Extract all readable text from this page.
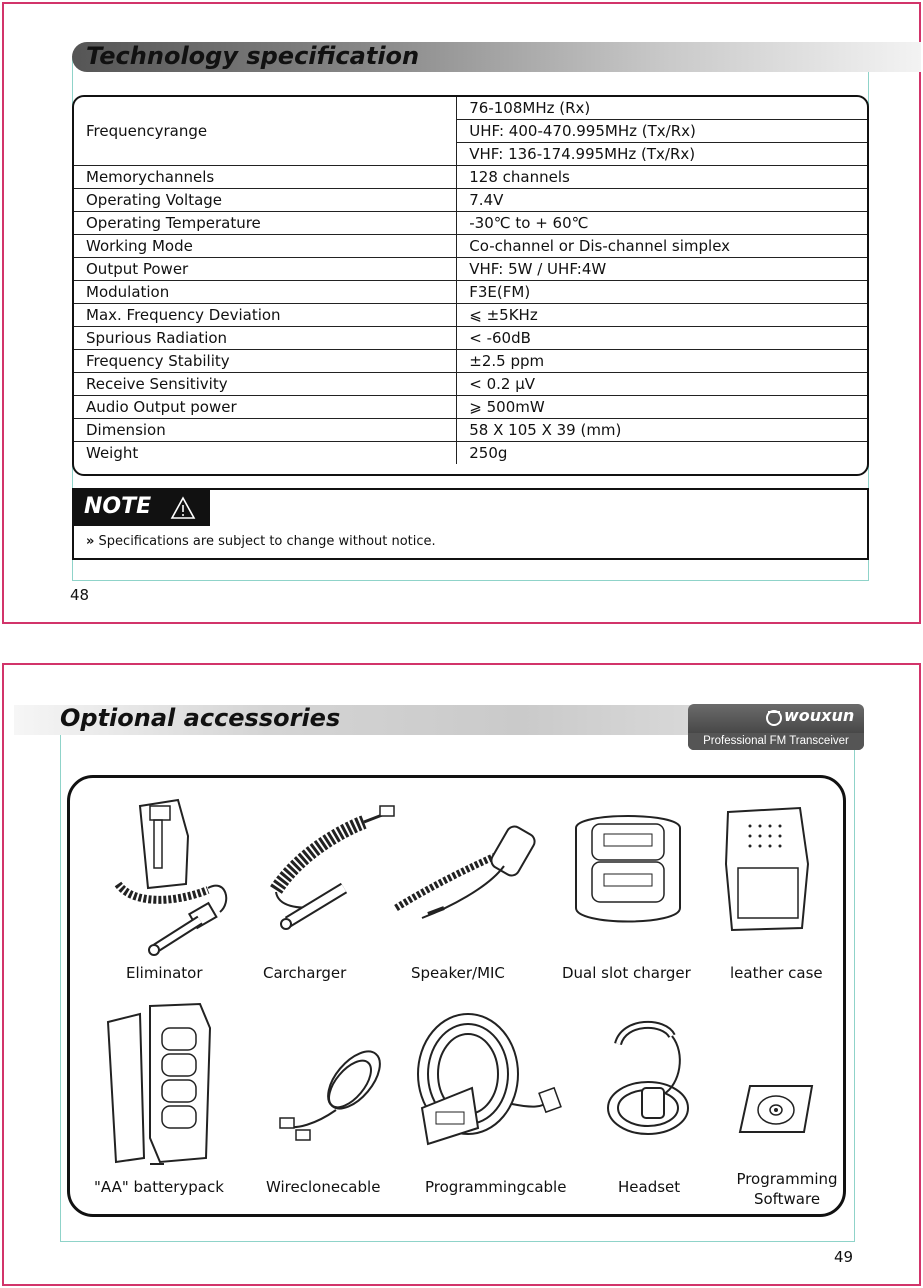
Technology specification
Frequencyrange	76-108MHz (Rx)
	UHF: 400-470.995MHz (Tx/Rx)
	VHF: 136-174.995MHz (Tx/Rx)
Memorychannels	128 channels
Operating Voltage	7.4V
Operating Temperature	-30℃ to + 60℃
Working Mode	Co-channel or Dis-channel simplex
Output Power	VHF: 5W / UHF:4W
Modulation	F3E(FM)
Max. Frequency Deviation	⩽ ±5KHz
Spurious Radiation	< -60dB
Frequency Stability	±2.5 ppm
Receive Sensitivity	< 0.2 μV
Audio Output power	⩾ 500mW
Dimension	58 X 105 X 39 (mm)
Weight	250g
NOTE
» Specifications are subject to change without notice.
48
Optional accessories	wouxun
Professional FM Transceiver
Eliminator	Carcharger	Speaker/MIC	Dual slot charger	leather case
"AA" batterypack	Wireclonecable	Programmingcable	Headset	Programming Software
49
